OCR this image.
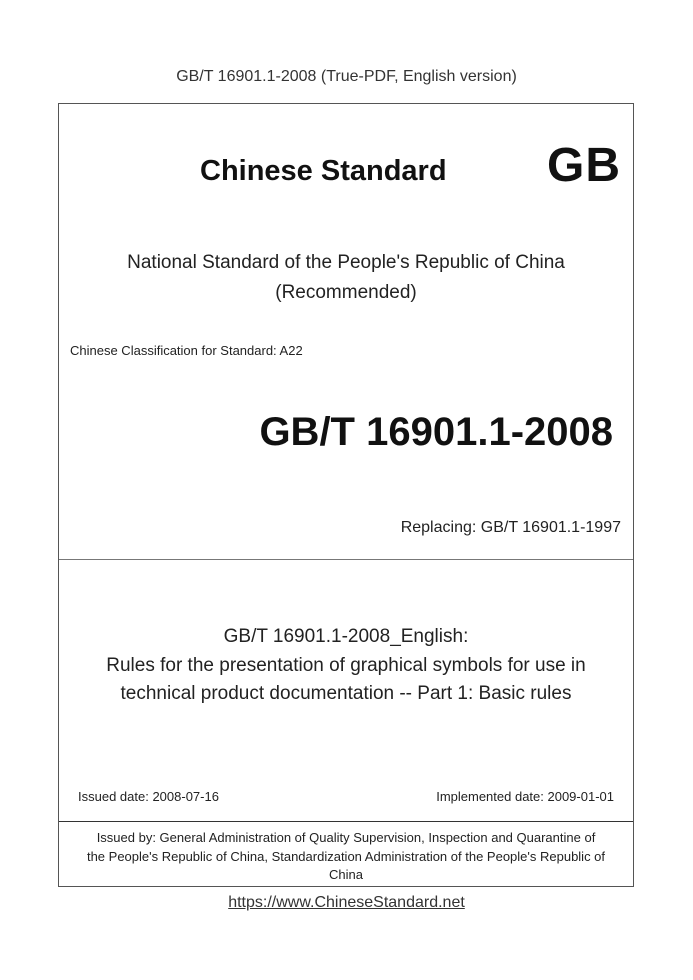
GB/T 16901.1-2008 (True-PDF, English version)
Chinese Standard GB
National Standard of the People's Republic of China
(Recommended)
Chinese Classification for Standard: A22
GB/T 16901.1-2008
Replacing: GB/T 16901.1-1997
GB/T 16901.1-2008_English:
Rules for the presentation of graphical symbols for use in
technical product documentation -- Part 1: Basic rules
Issued date: 2008-07-16	Implemented date: 2009-01-01
Issued by: General Administration of Quality Supervision, Inspection and Quarantine of
the People's Republic of China, Standardization Administration of the People's Republic of
China
https://www.ChineseStandard.net
